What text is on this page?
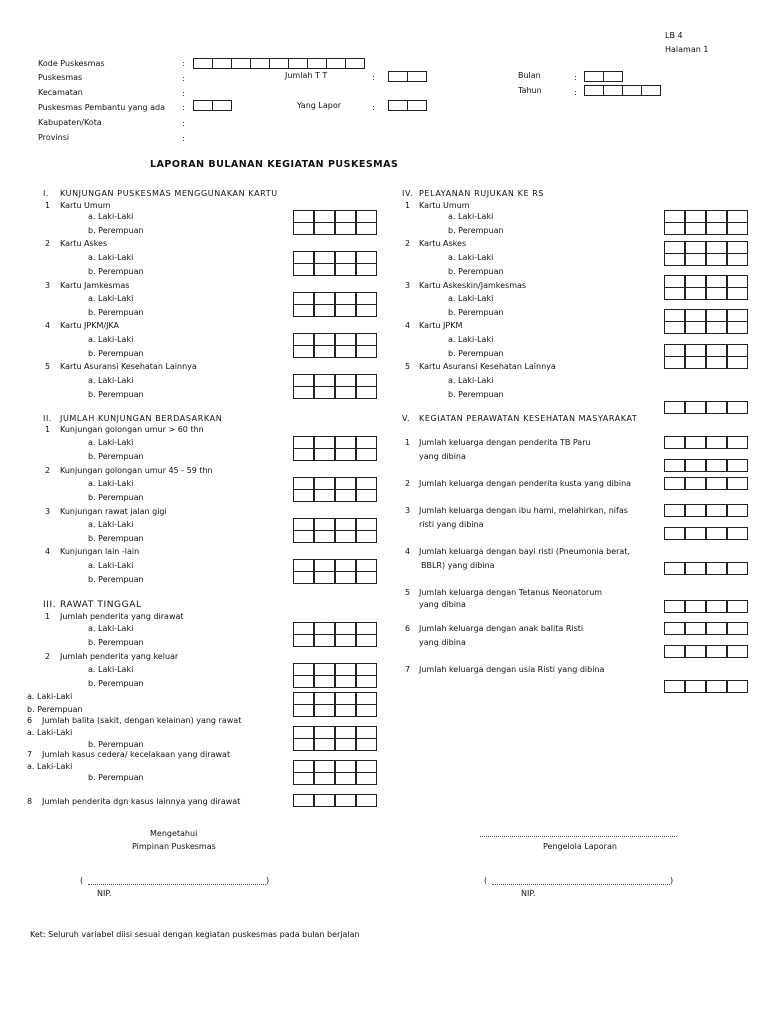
LB 4
Halaman 1
Kode Puskesmas	:
Puskesmas	:
Kecamatan	:
Puskesmas Pembantu yang ada :
Kabupaten/Kota	:
Provinsi	:
Jumlah T T	:
Yang Lapor	:
Bulan	:
Tahun	:
LAPORAN BULANAN KEGIATAN PUSKESMAS
I. KUNJUNGAN PUSKESMAS MENGGUNAKAN KARTU
1 Kartu Umum
a. Laki-Laki
b. Perempuan
2 Kartu Askes
a. Laki-Laki
b. Perempuan
3 Kartu Jamkesmas
a. Laki-Laki
b. Perempuan
4 Kartu JPKM/JKA
a. Laki-Laki
b. Perempuan
5 Kartu Asuransi Kesehatan Lainnya
a. Laki-Laki
b. Perempuan
II. JUMLAH KUNJUNGAN BERDASARKAN
1 Kunjungan golongan umur > 60 thn
a. Laki-Laki
b. Perempuan
2 Kunjungan golongan umur 45 - 59 thn
a. Laki-Laki
b. Perempuan
3 Kunjungan rawat jalan gigi
a. Laki-Laki
b. Perempuan
4 Kunjungan lain -lain
a. Laki-Laki
b. Perempuan
III. RAWAT TINGGAL
1 Jumlah penderita yang dirawat
a. Laki-Laki
b. Perempuan
2 Jumlah penderita yang keluar
a. Laki-Laki
b. Perempuan
a. Laki-Laki
b. Perempuan
6 Jumlah balita (sakit, dengan kelainan) yang rawat
a. Laki-Laki
b. Perempuan
7 Jumlah kasus cedera/ kecelakaan yang dirawat
a. Laki-Laki
b. Perempuan
8 Jumlah penderita dgn kasus lainnya yang dirawat
IV. PELAYANAN RUJUKAN KE RS
1 Kartu Umum
a. Laki-Laki
b. Perempuan
2 Kartu Askes
a. Laki-Laki
b. Perempuan
3 Kartu Askeskin/Jamkesmas
a. Laki-Laki
b. Perempuan
4 Kartu JPKM
a. Laki-Laki
b. Perempuan
5 Kartu Asuransi Kesehatan Lainnya
a. Laki-Laki
b. Perempuan
V. KEGIATAN PERAWATAN KESEHATAN MASYARAKAT
1 Jumlah keluarga dengan penderita TB Paru
yang dibina
2 Jumlah keluarga dengan penderita kusta yang dibina
3 Jumlah keluarga dengan ibu hami, melahirkan, nifas
risti yang dibina
4 Jumlah keluarga dengan bayi risti (Pneumonia berat,
BBLR) yang dibina
5 Jumlah keluarga dengan Tetanus Neonatorum
yang dibina
6 Jumlah keluarga dengan anak balita Risti
yang dibina
7 Jumlah keluarga dengan usia Risti yang dibina
Mengetahui
Pimpinan Puskesmas	Pengelola Laporan
(	)
NIP.
(	)
NIP.
Ket: Seluruh variabel diisi sesuai dengan kegiatan puskesmas pada bulan berjalan
